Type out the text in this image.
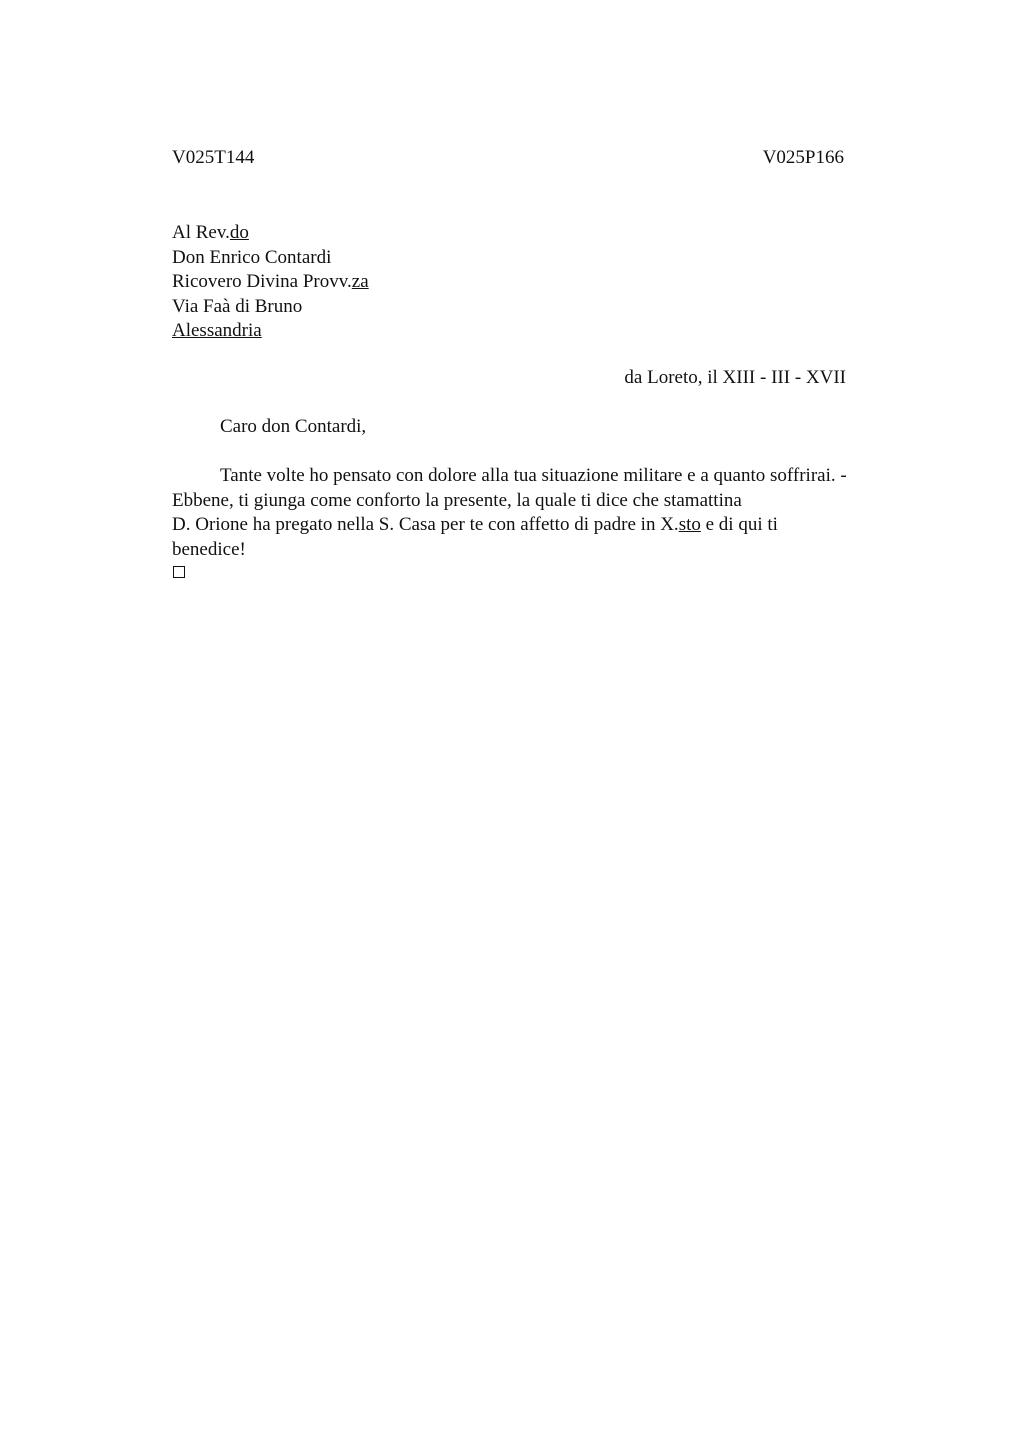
V025T144	V025P166
Al Rev.do
Don Enrico Contardi
Ricovero Divina Provv.za
Via Faà di Bruno
Alessandria
da Loreto, il XIII - III - XVII
Caro don Contardi,
Tante volte ho pensato con dolore alla tua situazione militare e a quanto soffrirai. -
Ebbene, ti giunga come conforto la presente, la quale ti dice che stamattina
D. Orione ha pregato nella S. Casa per te con affetto di padre in X.sto e di qui ti
benedice!
